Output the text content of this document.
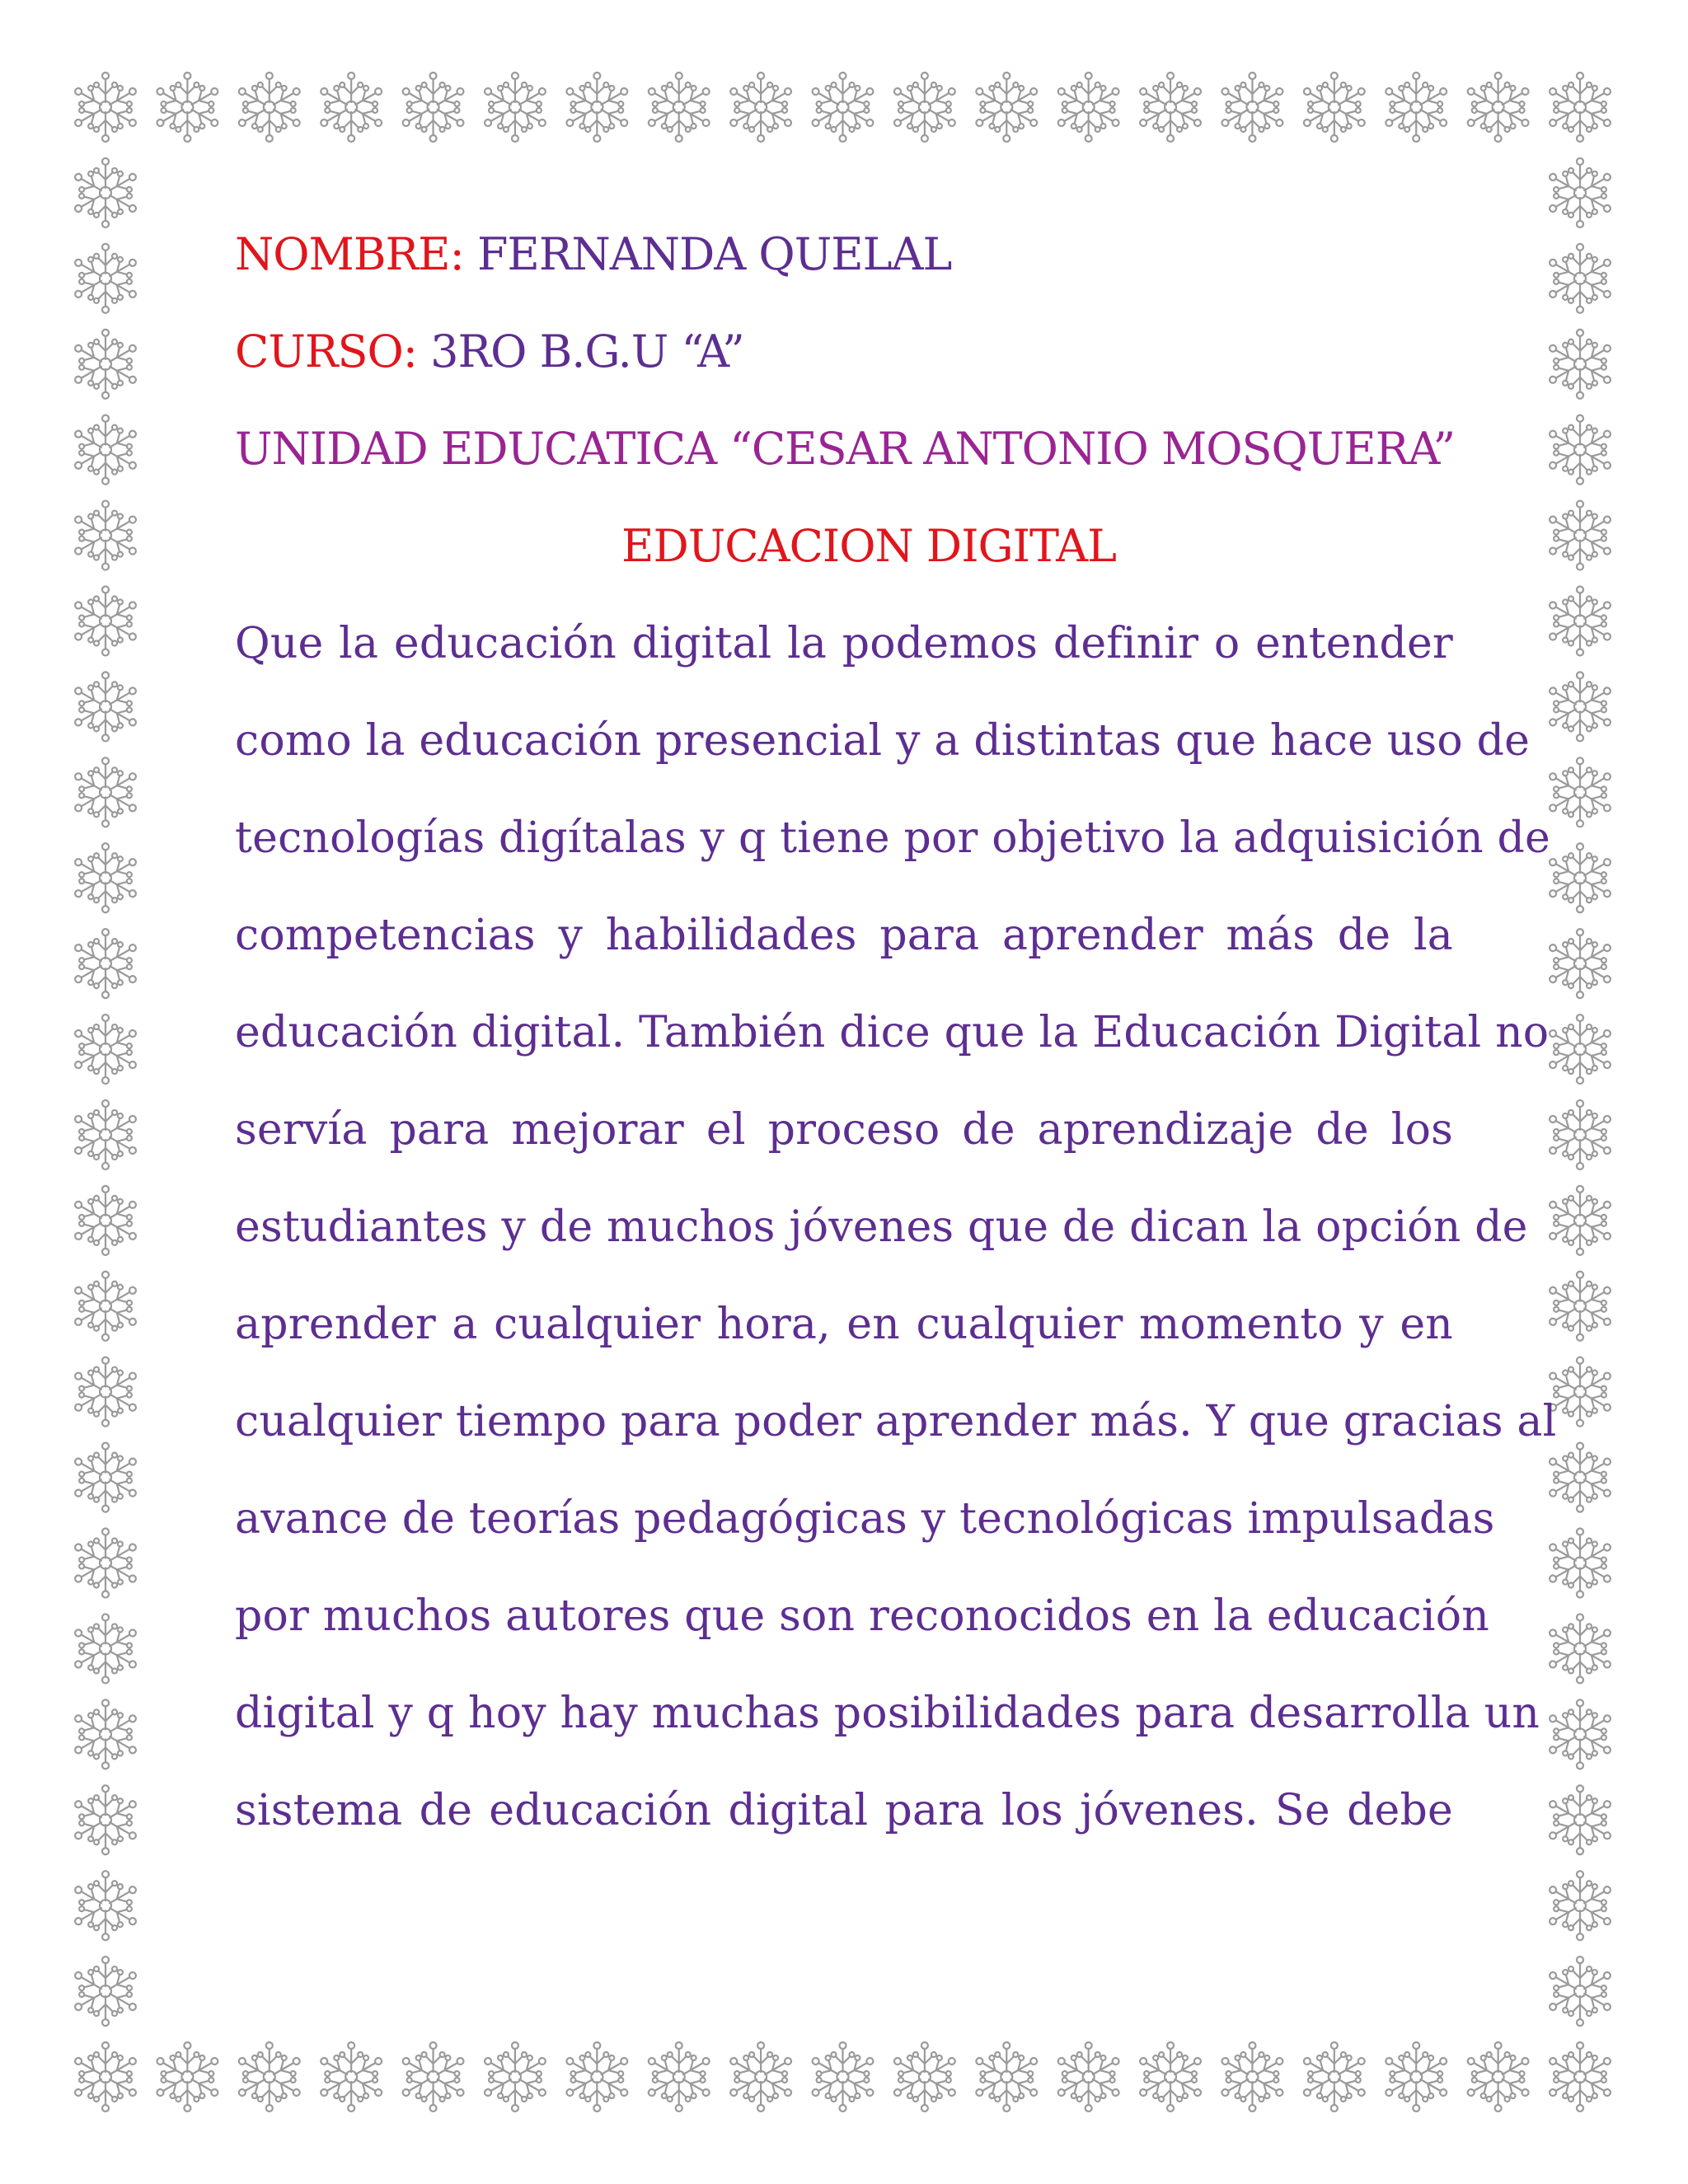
NOMBRE: FERNANDA QUELAL

CURSO: 3RO B.G.U “A”

UNIDAD EDUCATICA “CESAR ANTONIO MOSQUERA”

EDUCACION DIGITAL

Que la educación digital la podemos definir o entender
como la educación presencial y a distintas que hace uso de
tecnologías digítalas y q tiene por objetivo la adquisición de
competencias y habilidades para aprender más de la
educación digital. También dice que la Educación Digital no
servía para mejorar el proceso de aprendizaje de los
estudiantes y de muchos jóvenes que de dican la opción de
aprender a cualquier hora, en cualquier momento y en
cualquier tiempo para poder aprender más. Y que gracias al
avance de teorías pedagógicas y tecnológicas impulsadas
por muchos autores que son reconocidos en la educación
digital y q hoy hay muchas posibilidades para desarrolla un
sistema de educación digital para los jóvenes. Se debe
